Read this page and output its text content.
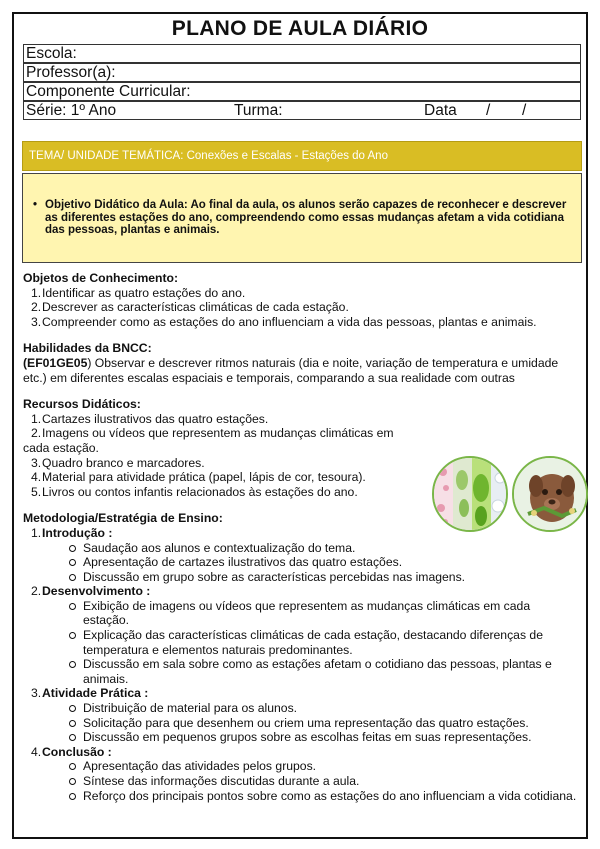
PLANO DE AULA DIÁRIO
Escola:
Professor(a):
Componente Curricular:
Série: 1º Ano	Turma:	Data / /
TEMA/ UNIDADE TEMÁTICA: Conexões e Escalas - Estações do Ano
• Objetivo Didático da Aula: Ao final da aula, os alunos serão capazes de reconhecer e descrever as diferentes estações do ano, compreendendo como essas mudanças afetam a vida cotidiana das pessoas, plantas e animais.
Objetos de Conhecimento:
1. Identificar as quatro estações do ano.
2. Descrever as características climáticas de cada estação.
3. Compreender como as estações do ano influenciam a vida das pessoas, plantas e animais.
Habilidades da BNCC:
(EF01GE05) Observar e descrever ritmos naturais (dia e noite, variação de temperatura e umidade etc.) em diferentes escalas espaciais e temporais, comparando a sua realidade com outras
Recursos Didáticos:
1. Cartazes ilustrativos das quatro estações.
2. Imagens ou vídeos que representem as mudanças climáticas em cada estação.
3. Quadro branco e marcadores.
4. Material para atividade prática (papel, lápis de cor, tesoura).
5. Livros ou contos infantis relacionados às estações do ano.
Metodologia/Estratégia de Ensino:
1. Introdução :
Saudação aos alunos e contextualização do tema.
Apresentação de cartazes ilustrativos das quatro estações.
Discussão em grupo sobre as características percebidas nas imagens.
2. Desenvolvimento :
Exibição de imagens ou vídeos que representem as mudanças climáticas em cada estação.
Explicação das características climáticas de cada estação, destacando diferenças de temperatura e elementos naturais predominantes.
Discussão em sala sobre como as estações afetam o cotidiano das pessoas, plantas e animais.
3. Atividade Prática :
Distribuição de material para os alunos.
Solicitação para que desenhem ou criem uma representação das quatro estações.
Discussão em pequenos grupos sobre as escolhas feitas em suas representações.
4. Conclusão :
Apresentação das atividades pelos grupos.
Síntese das informações discutidas durante a aula.
Reforço dos principais pontos sobre como as estações do ano influenciam a vida cotidiana.
